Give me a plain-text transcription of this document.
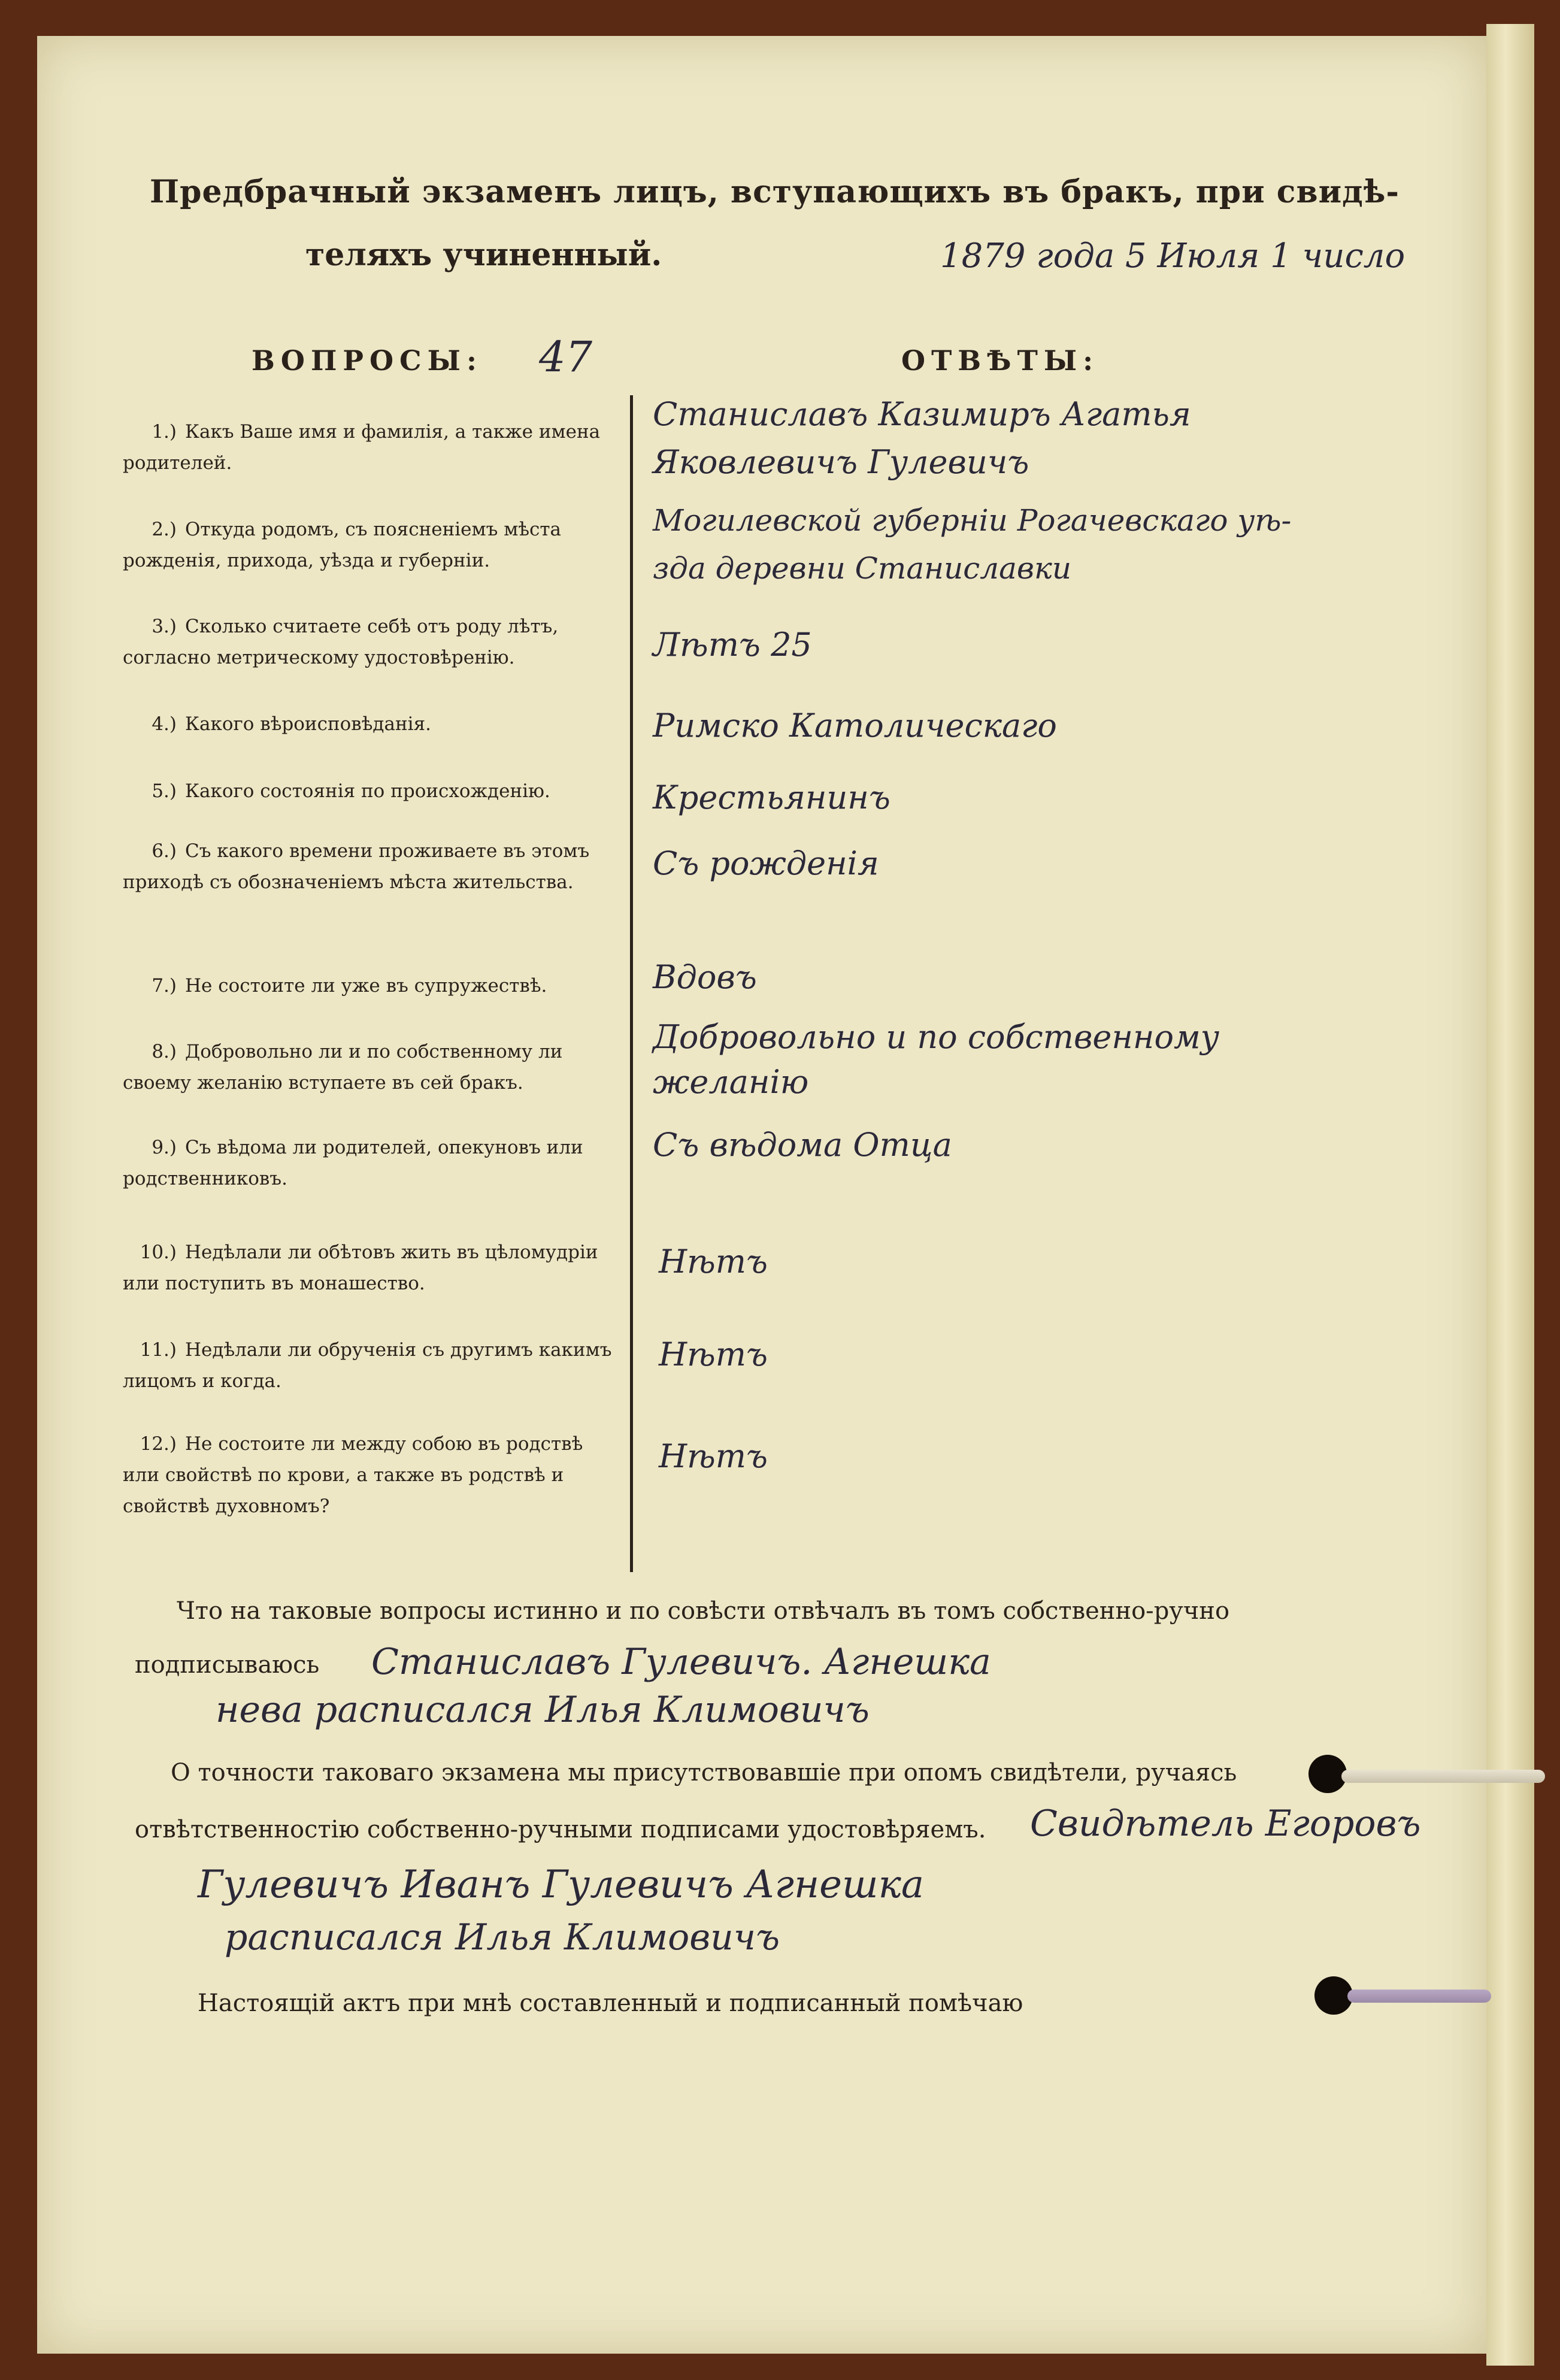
Предбрачный экзаменъ лицъ, вступающихъ въ бракъ, при свидѣ-
теляхъ учиненный.	1879 года 5 Июля 1 число
ВОПРОСЫ: 47	ОТВѢТЫ:
1.) Какъ Ваше имя и фамилія, а также имена родителей.
2.) Откуда родомъ, съ поясненіемъ мѣста рожденія, прихода, уѣзда и губерніи.
3.) Сколько считаете себѣ отъ роду лѣтъ, согласно метрическому удостовѣренію.
4.) Какого вѣроисповѣданія.
5.) Какого состоянія по происхожденію.
6.) Съ какого времени проживаете въ этомъ приходѣ съ обозначеніемъ мѣста жительства.
7.) Не состоите ли уже въ супружествѣ.
8.) Добровольно ли и по собственному ли своему желанію вступаете въ сей бракъ.
9.) Съ вѣдома ли родителей, опекуновъ или родственниковъ.
10.) Недѣлали ли обѣтовъ жить въ цѣломудріи или поступить въ монашество.
11.) Недѣлали ли обрученія съ другимъ какимъ лицомъ и когда.
12.) Не состоите ли между собою въ родствѣ или свойствѣ по крови, а также въ родствѣ и свойствѣ духовномъ?
Станиславъ Казимиръ Агатья
Яковлевичъ Гулевичъ
Могилевской губерніи Рогачевскаго уѣ-
зда деревни Станиславки
Лѣтъ 25
Римско Католическаго
Крестьянинъ
Съ рожденія
Вдовъ
Добровольно и по собственному
желанію
Съ вѣдома Отца
Нѣтъ
Нѣтъ
Нѣтъ
Что на таковые вопросы истинно и по совѣсти отвѣчалъ въ томъ собственно-ручно
подписываюсь Станиславъ Гулевичъ. Агнешка
нева расписался Илья Климовичъ
О точности таковаго экзамена мы присутствовавшіе при опомъ свидѣтели, ручаясь
отвѣтственностію собственно-ручными подписами удостовѣряемъ. Свидѣтель Егоровъ
Гулевичъ Иванъ Гулевичъ Агнешка
расписался Илья Климовичъ
Настоящій актъ при мнѣ составленный и подписанный помѣчаю
